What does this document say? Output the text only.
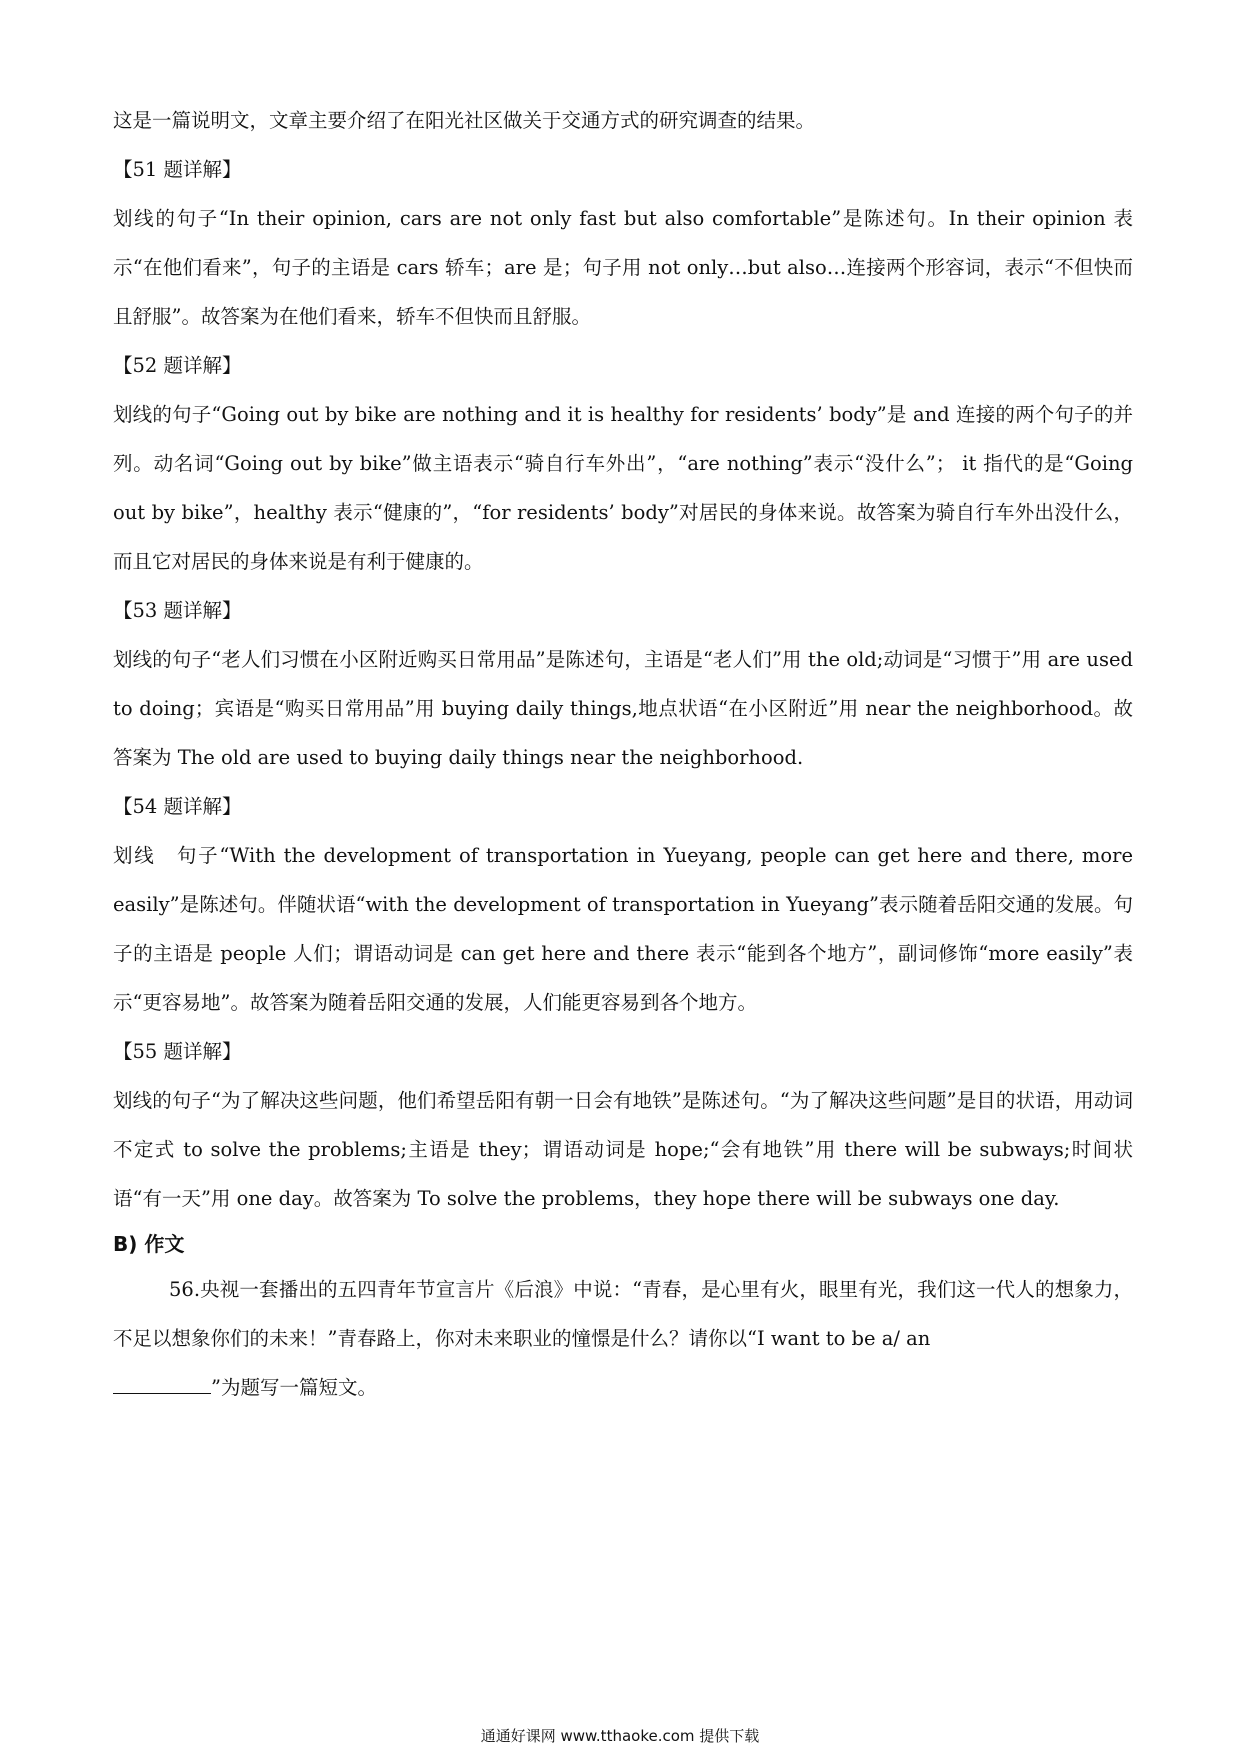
这是一篇说明文，文章主要介绍了在阳光社区做关于交通方式的研究调查的结果。
【51 题详解】
划线的句子“In their opinion, cars are not only fast but also comfortable”是陈述句。In their opinion 表示“在他们看来”，句子的主语是 cars 轿车；are 是；句子用 not only…but also…连接两个形容词，表示“不但快而且舒服”。故答案为在他们看来，轿车不但快而且舒服。
【52 题详解】
划线的句子“Going out by bike are nothing and it is healthy for residents’ body”是 and 连接的两个句子的并列。动名词“Going out by bike”做主语表示“骑自行车外出”，“are nothing”表示“没什么”； it 指代的是“Going out by bike”，healthy 表示“健康的”，“for residents’ body”对居民的身体来说。故答案为骑自行车外出没什么，而且它对居民的身体来说是有利于健康的。
【53 题详解】
划线的句子“老人们习惯在小区附近购买日常用品”是陈述句，主语是“老人们”用 the old;动词是“习惯于”用 are used to doing；宾语是“购买日常用品”用 buying daily things,地点状语“在小区附近”用 near the neighborhood。故答案为 The old are used to buying daily things near the neighborhood.
【54 题详解】
划线　句子“With the development of transportation in Yueyang, people can get here and there, more easily”是陈述句。伴随状语“with the development of transportation in Yueyang”表示随着岳阳交通的发展。句子的主语是 people 人们；谓语动词是 can get here and there 表示“能到各个地方”，副词修饰“more easily”表示“更容易地”。故答案为随着岳阳交通的发展，人们能更容易到各个地方。
【55 题详解】
划线的句子“为了解决这些问题，他们希望岳阳有朝一日会有地铁”是陈述句。“为了解决这些问题”是目的状语，用动词不定式 to solve the problems;主语是 they；谓语动词是 hope;“会有地铁”用 there will be subways;时间状语“有一天”用 one day。故答案为 To solve the problems，they hope there will be subways one day.
B) 作文
56.央视一套播出的五四青年节宣言片《后浪》中说：“青春，是心里有火，眼里有光，我们这一代人的想象力，不足以想象你们的未来！”青春路上，你对未来职业的憧憬是什么？请你以“I want to be a/ an
”为题写一篇短文。
通通好课网 www.tthaoke.com 提供下载
